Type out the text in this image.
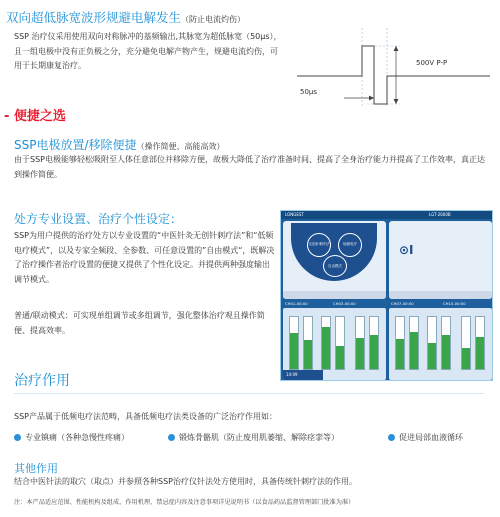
双向超低脉宽波形规避电解发生（防止电流灼伤）
SSP 治疗仪采用使用双向对称脉冲的基频输出,其脉宽为超低脉宽（50μs），且一组电极中没有正负极之分，充分避免电解产物产生，规避电流灼伤，可用于长期康复治疗。	500V P-P
50μs
- 便捷之选
SSP电极放置/移除便捷（操作简便、高能高效）
由于SSP电极能够轻松吸附至人体任意部位并移除方便，故极大降低了治疗准备时间、提高了全身治疗能力并提高了工作效率，真正达到操作简便。
处方专业设置、治疗个性设定：
SSP为用户提供的治疗处方以专业设置的“中医针灸无创针刺疗法”和“低频电疗模式”，以及专家全频段、全参数、可任意设置的”自由模式“，既解决了治疗操作者治疗设置的便捷又提供了个性化设定。并提供两种强度输出调节模式。
普通/联动模式：可实现单组调节或多组调节，强化整体治疗观且操作简便、提高效率。
LONGEST	LGT-2600B
无创针刺疗法	低频电疗
自由模式
⊙I
CH01-00:00	CH03-00:00	CH07-00:00	CH10-00:00
14:09
治疗作用
SSP产品属于低频电疗法范畴，具备低频电疗法类设备的广泛治疗作用如：
专业镇痛（各种急慢性疼痛）	锻炼骨骼肌（防止废用肌萎缩、解除痉挛等）	促进局部血液循环
其他作用
结合中医针法的取穴（取点）并参照各种SSP治疗仪针法处方使用时，具备传统针刺疗法的作用。
注：本产品适应范围、性能机构及组成、作用机理、禁忌症内容及注意事项详见说明书（以食品药品监督管理部门批准为准）
